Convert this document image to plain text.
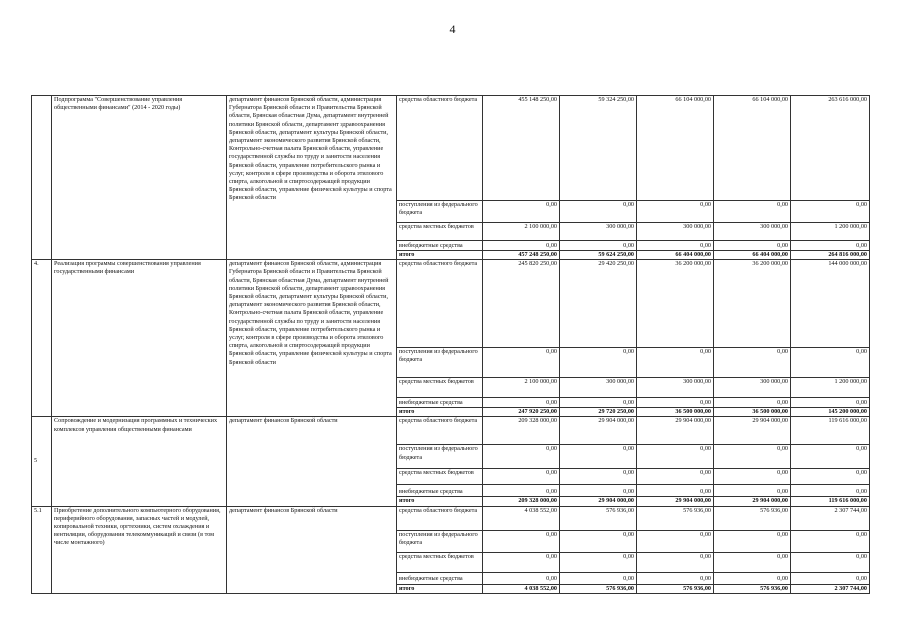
4
	Подпрограмма "Совершенствование управления общественными финансами" (2014 - 2020 годы)	департамент финансов Брянской области, администрация Губернатора Брянской области и Правительства Брянской области, Брянская областная Дума, департамент внутренней политики Брянской области, департамент здравоохранения Брянской области, департамент культуры Брянской области, департамент экономического развития Брянской области, Контрольно-счетная палата Брянской области, управление государственной службы по труду и занятости населения Брянской области, управление потребительского рынка и услуг, контроля в сфере производства и оборота этилового спирта, алкогольной и спиртосодержащей продукции Брянской области, управление физической культуры и спорта Брянской области	средства областного бюджета	455 148 250,00	59 324 250,00	66 104 000,00	66 104 000,00	263 616 000,00
			поступления из федерального бюджета	0,00	0,00	0,00	0,00	0,00
			средства местных бюджетов	2 100 000,00	300 000,00	300 000,00	300 000,00	1 200 000,00
			внебюджетные средства	0,00	0,00	0,00	0,00	0,00
			итого	457 248 250,00	59 624 250,00	66 404 000,00	66 404 000,00	264 816 000,00
4.	Реализация программы совершенствования управления государственными финансами	департамент финансов Брянской области, администрация Губернатора Брянской области и Правительства Брянской области, Брянская областная Дума, департамент внутренней политики Брянской области, департамент здравоохранения Брянской области, департамент культуры Брянской области, департамент экономического развития Брянской области, Контрольно-счетная палата Брянской области, управление государственной службы по труду и занятости населения Брянской области, управление потребительского рынка и услуг, контроля в сфере производства и оборота этилового спирта, алкогольной и спиртосодержащей продукции Брянской области, управление физической культуры и спорта Брянской области	средства областного бюджета	245 820 250,00	29 420 250,00	36 200 000,00	36 200 000,00	144 000 000,00
			поступления из федерального бюджета	0,00	0,00	0,00	0,00	0,00
			средства местных бюджетов	2 100 000,00	300 000,00	300 000,00	300 000,00	1 200 000,00
			внебюджетные средства	0,00	0,00	0,00	0,00	0,00
			итого	247 920 250,00	29 720 250,00	36 500 000,00	36 500 000,00	145 200 000,00
5	Сопровождение и модернизация программных и технических комплексов управления общественными финансами	департамент финансов Брянской области	средства областного бюджета	209 328 000,00	29 904 000,00	29 904 000,00	29 904 000,00	119 616 000,00
			поступления из федерального бюджета	0,00	0,00	0,00	0,00	0,00
			средства местных бюджетов	0,00	0,00	0,00	0,00	0,00
			внебюджетные средства	0,00	0,00	0,00	0,00	0,00
			итого	209 328 000,00	29 904 000,00	29 904 000,00	29 904 000,00	119 616 000,00
5.1	Приобретение дополнительного компьютерного оборудования, периферийного оборудования, запасных частей и модулей, копировальной техники, оргтехники, систем охлаждения и вентиляции, оборудования телекоммуникаций и связи (в том числе монтажного)	департамент финансов Брянской области	средства областного бюджета	4 038 552,00	576 936,00	576 936,00	576 936,00	2 307 744,00
			поступления из федерального бюджета	0,00	0,00	0,00	0,00	0,00
			средства местных бюджетов	0,00	0,00	0,00	0,00	0,00
			внебюджетные средства	0,00	0,00	0,00	0,00	0,00
			итого	4 038 552,00	576 936,00	576 936,00	576 936,00	2 307 744,00
